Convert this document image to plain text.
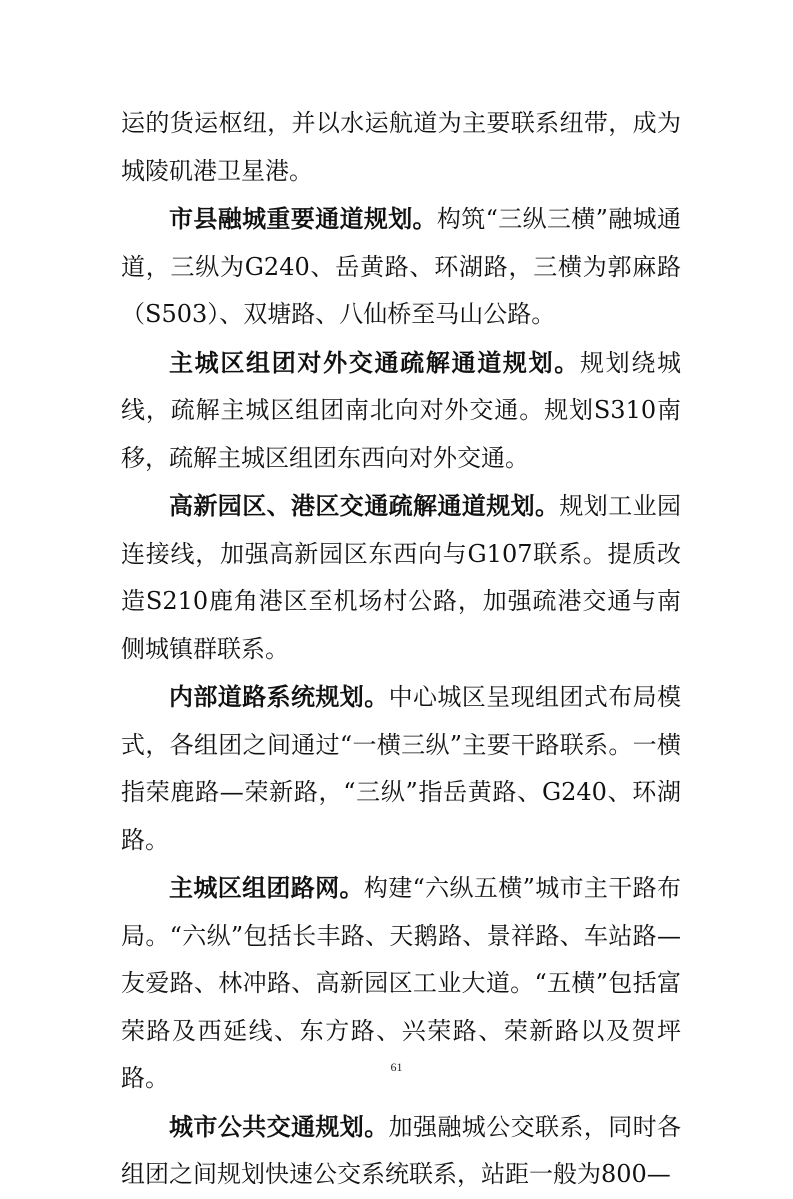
运的货运枢纽，并以水运航道为主要联系纽带，成为城陵矶港卫星港。

市县融城重要通道规划。构筑“三纵三横”融城通道，三纵为G240、岳黄路、环湖路，三横为郭麻路（S503）、双塘路、八仙桥至马山公路。

主城区组团对外交通疏解通道规划。规划绕城线，疏解主城区组团南北向对外交通。规划S310南移，疏解主城区组团东西向对外交通。

高新园区、港区交通疏解通道规划。规划工业园连接线，加强高新园区东西向与G107联系。提质改造S210鹿角港区至机场村公路，加强疏港交通与南侧城镇群联系。

内部道路系统规划。中心城区呈现组团式布局模式，各组团之间通过“一横三纵”主要干路联系。一横指荣鹿路—荣新路，“三纵”指岳黄路、G240、环湖路。

主城区组团路网。构建“六纵五横”城市主干路布局。“六纵”包括长丰路、天鹅路、景祥路、车站路—友爱路、林冲路、高新园区工业大道。“五横”包括富荣路及西延线、东方路、兴荣路、荣新路以及贺坪路。

城市公共交通规划。加强融城公交联系，同时各组团之间规划快速公交系统联系，站距一般为800—

61
